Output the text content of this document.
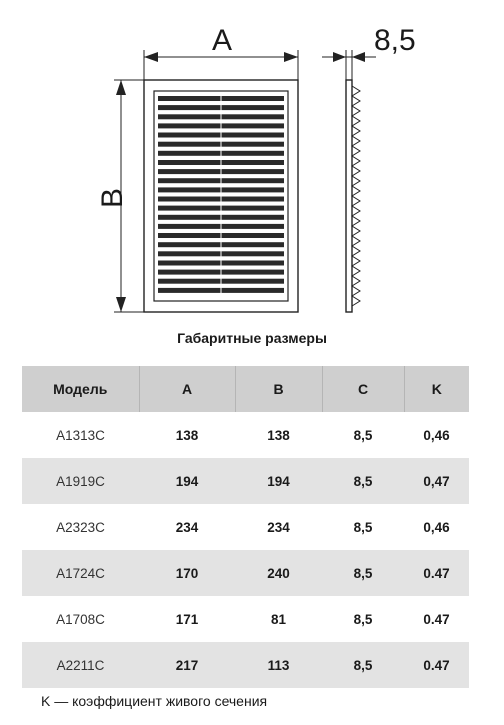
A
B
8,5
Габаритные размеры
Модель	A	B	C	K
A1313C	138	138	8,5	0,46
A1919C	194	194	8,5	0,47
A2323C	234	234	8,5	0,46
A1724C	170	240	8,5	0.47
A1708C	171	81	8,5	0.47
A2211C	217	113	8,5	0.47
K — коэффициент живого сечения
